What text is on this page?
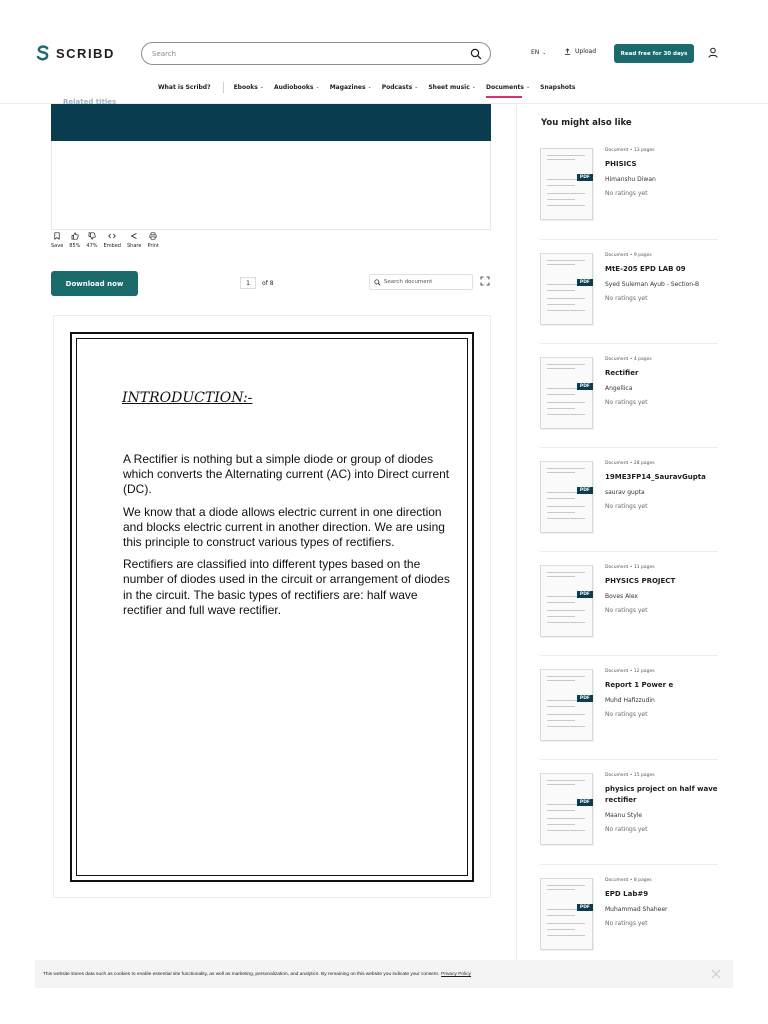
SCRIBD
Search	EN ⌄	Upload	Read free for 30 days
What is Scribd?	Ebooks ⌄ Audiobooks ⌄ Magazines ⌄ Podcasts ⌄ Sheet music ⌄ Documents ⌄ Snapshots
Related titles
Save 85% 47% Embed Share Print
Download now	1	of 8
Search document
INTRODUCTION:-

A Rectifier is nothing but a simple diode or group of diodes which converts the Alternating current (AC) into Direct current (DC).

We know that a diode allows electric current in one direction and blocks electric current in another direction. We are using this principle to construct various types of rectifiers.

Rectifiers are classified into different types based on the number of diodes used in the circuit or arrangement of diodes in the circuit. The basic types of rectifiers are: half wave rectifier and full wave rectifier.

You might also like
PDF
Document • 13 pages
PHISICS
Himanshu Diwan
No ratings yet
PDF
Document • 9 pages
MtE-205 EPD LAB 09
Syed Suleman Ayub - Section-B
No ratings yet
PDF
Document • 4 pages
Rectifier
Angellica
No ratings yet
PDF
Document • 28 pages
19ME3FP14_SauravGupta
saurav gupta
No ratings yet
PDF
Document • 11 pages
PHYSICS PROJECT
Boves Alex
No ratings yet
PDF
Document • 12 pages
Report 1 Power e
Muhd Hafizzudin
No ratings yet
PDF
Document • 15 pages
physics project on half wave rectifier
Maanu Style
No ratings yet
PDF
Document • 8 pages
EPD Lab#9
Muhammad Shaheer
No ratings yet
This website stores data such as cookies to enable essential site functionality, as well as marketing, personalization, and analytics. By remaining on this website you indicate your consent. Privacy Policy
